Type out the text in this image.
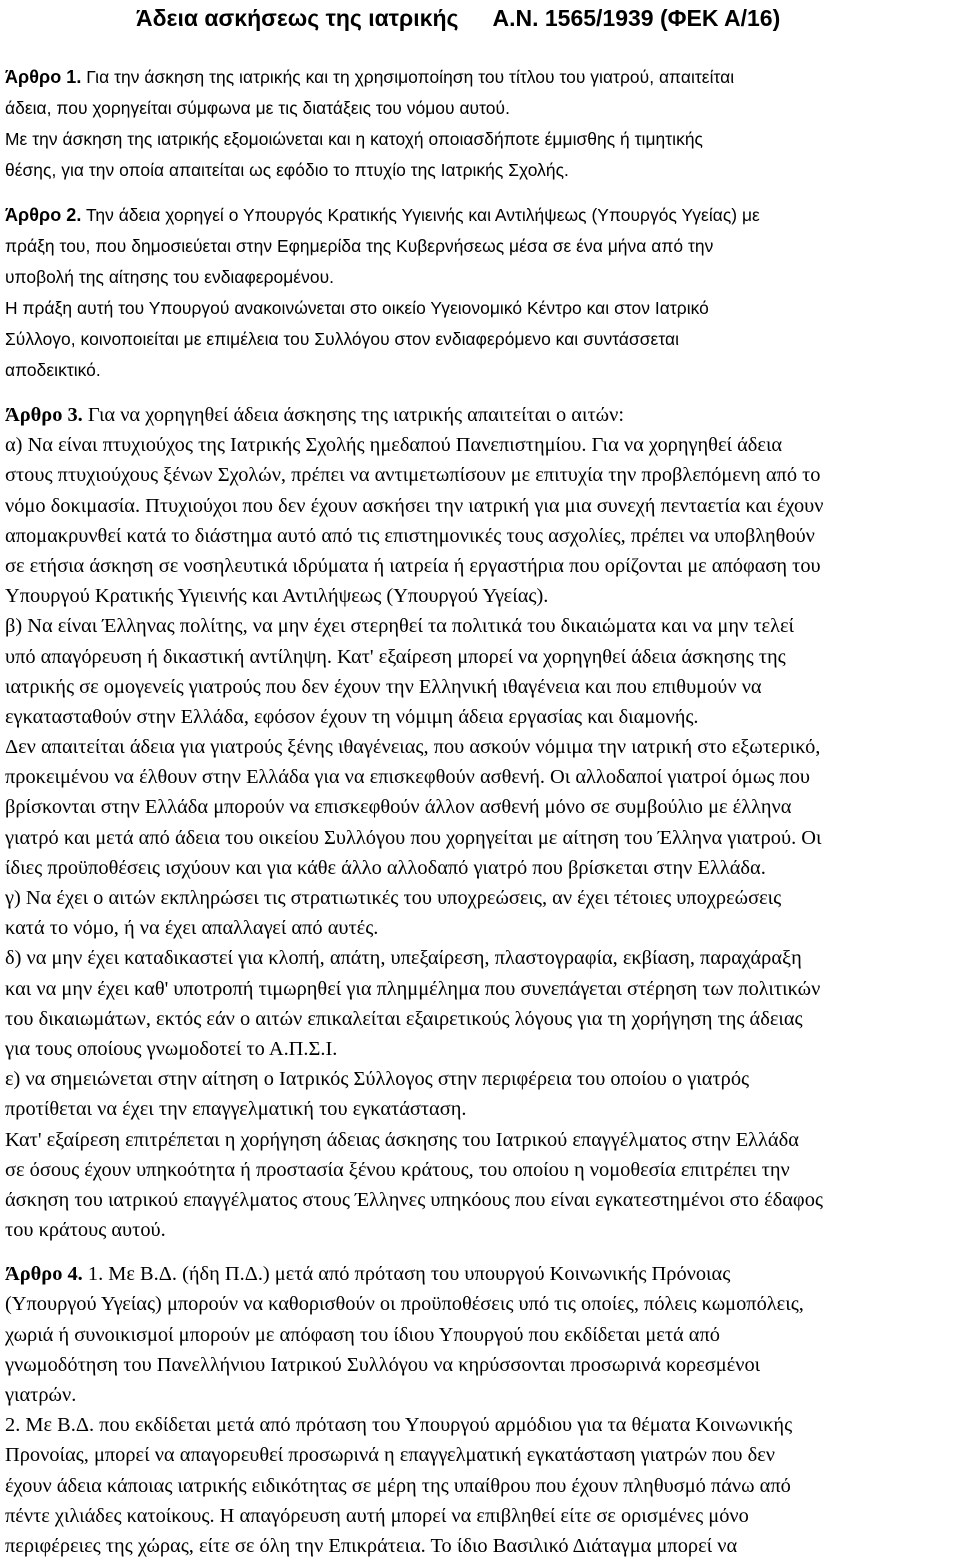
Άδεια ασκήσεως της ιατρικής Α.Ν. 1565/1939 (ΦΕΚ Α/16)
Άρθρο 1. Για την άσκηση της ιατρικής και τη χρησιμοποίηση του τίτλου του γιατρού, απαιτείται
άδεια, που χορηγείται σύμφωνα με τις διατάξεις του νόμου αυτού.
Με την άσκηση της ιατρικής εξομοιώνεται και η κατοχή οποιασδήποτε έμμισθης ή τιμητικής
θέσης, για την οποία απαιτείται ως εφόδιο το πτυχίο της Ιατρικής Σχολής.
Άρθρο 2. Την άδεια χορηγεί ο Υπουργός Κρατικής Υγιεινής και Αντιλήψεως (Υπουργός Υγείας) με
πράξη του, που δημοσιεύεται στην Εφημερίδα της Κυβερνήσεως μέσα σε ένα μήνα από την
υποβολή της αίτησης του ενδιαφερομένου.
Η πράξη αυτή του Υπουργού ανακοινώνεται στο οικείο Υγειονομικό Κέντρο και στον Ιατρικό
Σύλλογο, κοινοποιείται με επιμέλεια του Συλλόγου στον ενδιαφερόμενο και συντάσσεται
αποδεικτικό.
Άρθρο 3. Για να χορηγηθεί άδεια άσκησης της ιατρικής απαιτείται ο αιτών:
α) Να είναι πτυχιούχος της Ιατρικής Σχολής ημεδαπού Πανεπιστημίου. Για να χορηγηθεί άδεια
στους πτυχιούχους ξένων Σχολών, πρέπει να αντιμετωπίσουν με επιτυχία την προβλεπόμενη από το
νόμο δοκιμασία. Πτυχιούχοι που δεν έχουν ασκήσει την ιατρική για μια συνεχή πενταετία και έχουν
απομακρυνθεί κατά το διάστημα αυτό από τις επιστημονικές τους ασχολίες, πρέπει να υποβληθούν
σε ετήσια άσκηση σε νοσηλευτικά ιδρύματα ή ιατρεία ή εργαστήρια που ορίζονται με απόφαση του
Υπουργού Κρατικής Υγιεινής και Αντιλήψεως (Υπουργού Υγείας).
β) Να είναι Έλληνας πολίτης, να μην έχει στερηθεί τα πολιτικά του δικαιώματα και να μην τελεί
υπό απαγόρευση ή δικαστική αντίληψη. Κατ' εξαίρεση μπορεί να χορηγηθεί άδεια άσκησης της
ιατρικής σε ομογενείς γιατρούς που δεν έχουν την Ελληνική ιθαγένεια και που επιθυμούν να
εγκατασταθούν στην Ελλάδα, εφόσον έχουν τη νόμιμη άδεια εργασίας και διαμονής.
Δεν απαιτείται άδεια για γιατρούς ξένης ιθαγένειας, που ασκούν νόμιμα την ιατρική στο εξωτερικό,
προκειμένου να έλθουν στην Ελλάδα για να επισκεφθούν ασθενή. Οι αλλοδαποί γιατροί όμως που
βρίσκονται στην Ελλάδα μπορούν να επισκεφθούν άλλον ασθενή μόνο σε συμβούλιο με έλληνα
γιατρό και μετά από άδεια του οικείου Συλλόγου που χορηγείται με αίτηση του Έλληνα γιατρού. Οι
ίδιες προϋποθέσεις ισχύουν και για κάθε άλλο αλλοδαπό γιατρό που βρίσκεται στην Ελλάδα.
γ) Να έχει ο αιτών εκπληρώσει τις στρατιωτικές του υποχρεώσεις, αν έχει τέτοιες υποχρεώσεις
κατά το νόμο, ή να έχει απαλλαγεί από αυτές.
δ) να μην έχει καταδικαστεί για κλοπή, απάτη, υπεξαίρεση, πλαστογραφία, εκβίαση, παραχάραξη
και να μην έχει καθ' υποτροπή τιμωρηθεί για πλημμέλημα που συνεπάγεται στέρηση των πολιτικών
του δικαιωμάτων, εκτός εάν ο αιτών επικαλείται εξαιρετικούς λόγους για τη χορήγηση της άδειας
για τους οποίους γνωμοδοτεί το Α.Π.Σ.Ι.
ε) να σημειώνεται στην αίτηση ο Ιατρικός Σύλλογος στην περιφέρεια του οποίου ο γιατρός
προτίθεται να έχει την επαγγελματική του εγκατάσταση.
Κατ' εξαίρεση επιτρέπεται η χορήγηση άδειας άσκησης του Ιατρικού επαγγέλματος στην Ελλάδα
σε όσους έχουν υπηκοότητα ή προστασία ξένου κράτους, του οποίου η νομοθεσία επιτρέπει την
άσκηση του ιατρικού επαγγέλματος στους Έλληνες υπηκόους που είναι εγκατεστημένοι στο έδαφος
του κράτους αυτού.
Άρθρο 4. 1. Με Β.Δ. (ήδη Π.Δ.) μετά από πρόταση του υπουργού Κοινωνικής Πρόνοιας
(Υπουργού Υγείας) μπορούν να καθορισθούν οι προϋποθέσεις υπό τις οποίες, πόλεις κωμοπόλεις,
χωριά ή συνοικισμοί μπορούν με απόφαση του ίδιου Υπουργού που εκδίδεται μετά από
γνωμοδότηση του Πανελλήνιου Ιατρικού Συλλόγου να κηρύσσονται προσωρινά κορεσμένοι
γιατρών.
2. Με Β.Δ. που εκδίδεται μετά από πρόταση του Υπουργού αρμόδιου για τα θέματα Κοινωνικής
Προνοίας, μπορεί να απαγορευθεί προσωρινά η επαγγελματική εγκατάσταση γιατρών που δεν
έχουν άδεια κάποιας ιατρικής ειδικότητας σε μέρη της υπαίθρου που έχουν πληθυσμό πάνω από
πέντε χιλιάδες κατοίκους. Η απαγόρευση αυτή μπορεί να επιβληθεί είτε σε ορισμένες μόνο
περιφέρειες της χώρας, είτε σε όλη την Επικράτεια. Το ίδιο Βασιλικό Διάταγμα μπορεί να
